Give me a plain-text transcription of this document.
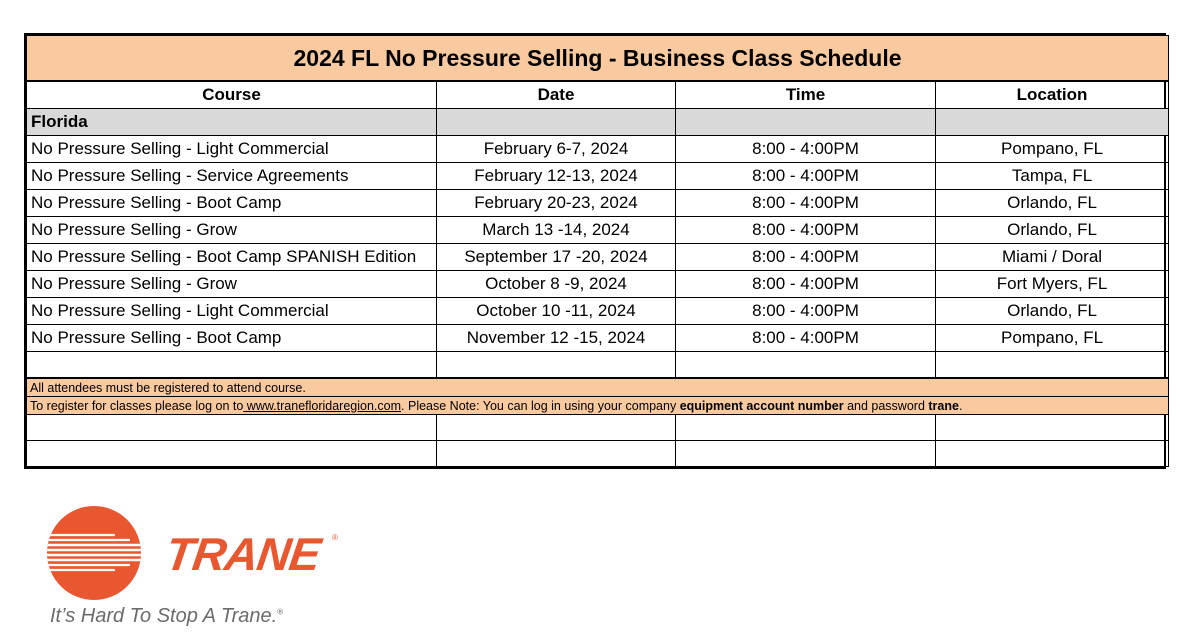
2024 FL No Pressure Selling - Business Class Schedule			
Course	Date	Time	Location
Florida			
No Pressure Selling - Light Commercial	February 6-7, 2024	8:00 - 4:00PM	Pompano, FL
No Pressure Selling - Service Agreements	February 12-13, 2024	8:00 - 4:00PM	Tampa, FL
No Pressure Selling - Boot Camp	February 20-23, 2024	8:00 - 4:00PM	Orlando, FL
No Pressure Selling - Grow	March 13 -14, 2024	8:00 - 4:00PM	Orlando, FL
No Pressure Selling - Boot Camp SPANISH Edition	September 17 -20, 2024	8:00 - 4:00PM	Miami / Doral
No Pressure Selling - Grow	October 8 -9, 2024	8:00 - 4:00PM	Fort Myers, FL
No Pressure Selling - Light Commercial	October 10 -11, 2024	8:00 - 4:00PM	Orlando, FL
No Pressure Selling - Boot Camp	November 12 -15, 2024	8:00 - 4:00PM	Pompano, FL

All attendees must be registered to attend course.			
To register for classes please log on to www.tranefloridaregion.com. Please Note: You can log in using your company equipment account number and password trane.			

TRANE ®
It’s Hard To Stop A Trane.®
